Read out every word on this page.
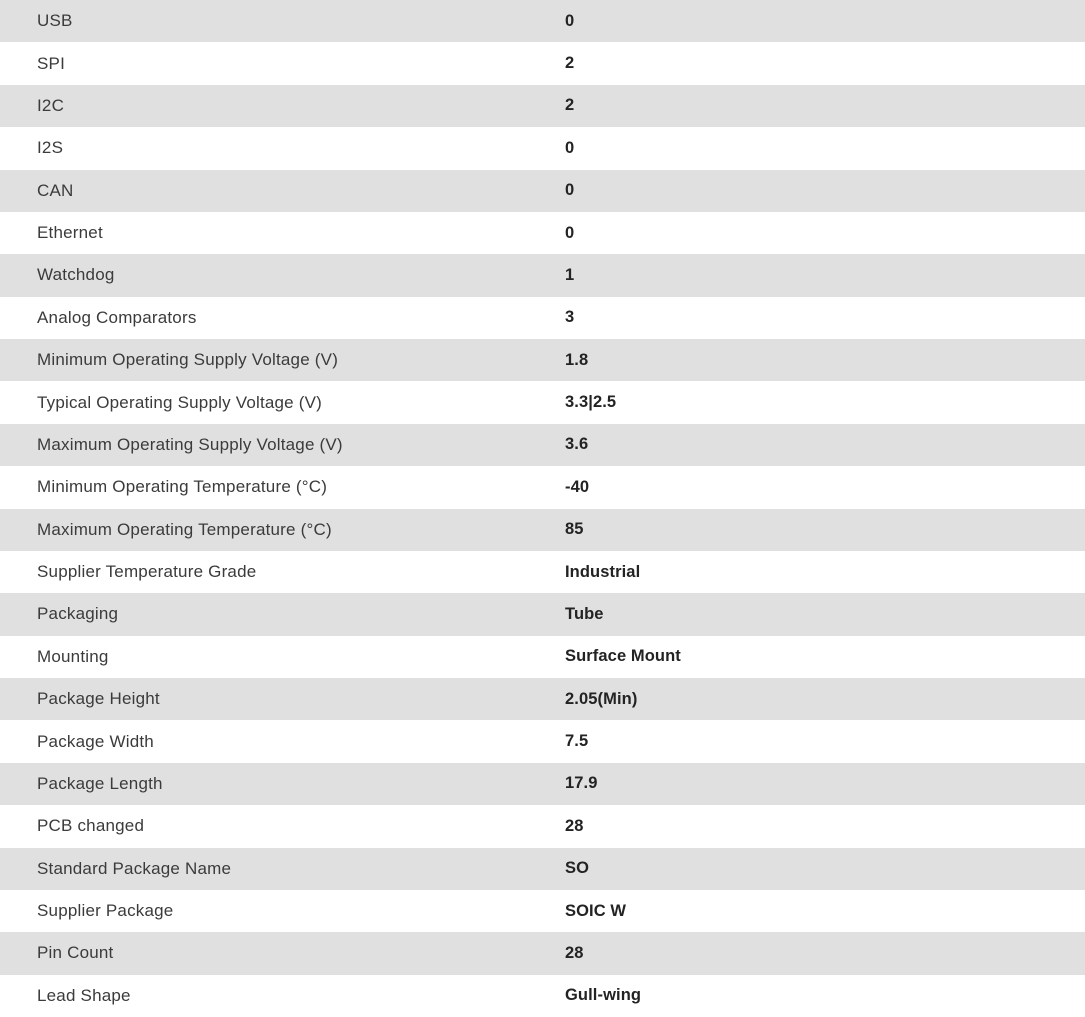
USB	0
SPI	2
I2C	2
I2S	0
CAN	0
Ethernet	0
Watchdog	1
Analog Comparators	3
Minimum Operating Supply Voltage (V)	1.8
Typical Operating Supply Voltage (V)	3.3|2.5
Maximum Operating Supply Voltage (V)	3.6
Minimum Operating Temperature (°C)	-40
Maximum Operating Temperature (°C)	85
Supplier Temperature Grade	Industrial
Packaging	Tube
Mounting	Surface Mount
Package Height	2.05(Min)
Package Width	7.5
Package Length	17.9
PCB changed	28
Standard Package Name	SO
Supplier Package	SOIC W
Pin Count	28
Lead Shape	Gull-wing
